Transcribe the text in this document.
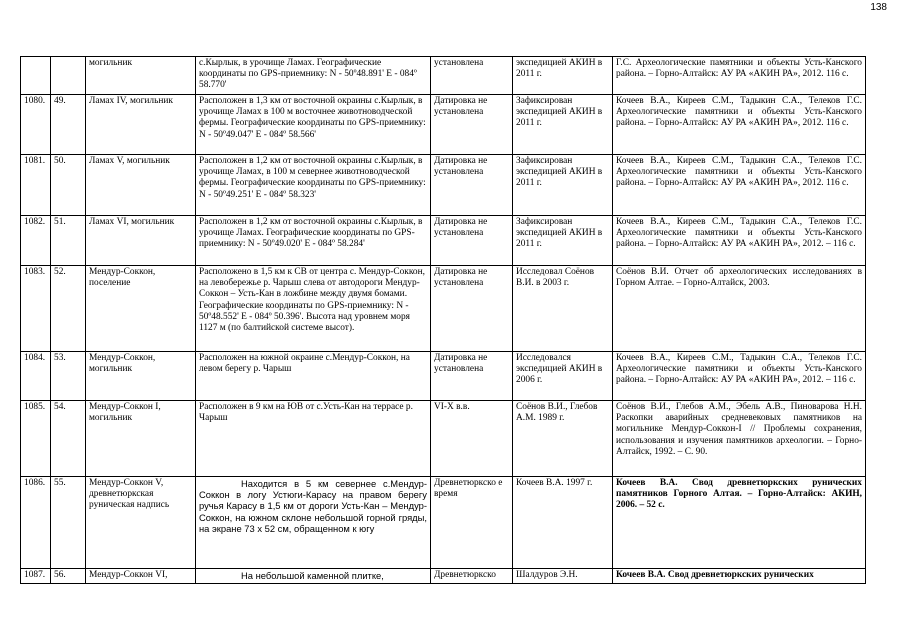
138
		могильник	с.Кырлык, в урочище Ламах. Географические координаты по GPS-приемнику: N - 50º48.891' E - 084º 58.770'	установлена	экспедицией АКИН в 2011 г.	Г.С. Археологические памятники и объекты Усть-Канского района. – Горно-Алтайск: АУ РА «АКИН РА», 2012. 116 с.
1080.	49.	Ламах IV, могильник	Расположен в 1,3 км от восточной окраины с.Кырлык, в урочище Ламах в 100 м восточнее животноводческой фермы. Географические координаты по GPS-приемнику: N - 50º49.047' E - 084º 58.566'	Датировка не установлена	Зафиксирован экспедицией АКИН в 2011 г.	Кочеев В.А., Киреев С.М., Тадыкин С.А., Телеков Г.С. Археологические памятники и объекты Усть-Канского района. – Горно-Алтайск: АУ РА «АКИН РА», 2012. 116 с.
1081.	50.	Ламах V, могильник	Расположен в 1,2 км от восточной окраины с.Кырлык, в урочище Ламах, в 100 м севернее животноводческой фермы. Географические координаты по GPS-приемнику: N - 50º49.251' E - 084º 58.323'	Датировка не установлена	Зафиксирован экспедицией АКИН в 2011 г.	Кочеев В.А., Киреев С.М., Тадыкин С.А., Телеков Г.С. Археологические памятники и объекты Усть-Канского района. – Горно-Алтайск: АУ РА «АКИН РА», 2012. 116 с.
1082.	51.	Ламах VI, могильник	Расположен в 1,2 км от восточной окраины с.Кырлык, в урочище Ламах. Географические координаты по GPS-приемнику: N - 50º49.020' E - 084º 58.284'	Датировка не установлена	Зафиксирован экспедицией АКИН в 2011 г.	Кочеев В.А., Киреев С.М., Тадыкин С.А., Телеков Г.С. Археологические памятники и объекты Усть-Канского района. – Горно-Алтайск: АУ РА «АКИН РА», 2012. – 116 с.
1083.	52.	Мендур-Соккон, поселение	Расположено в 1,5 км к СВ от центра с. Мендур-Соккон, на левобережье р. Чарыш слева от автодороги Мендур-Соккон – Усть-Кан в ложбине между двумя бомами. Географические координаты по GPS-приемнику: N - 50º48.552' E - 084º 50.396'. Высота над уровнем моря 1127 м (по балтийской системе высот).	Датировка не установлена	Исследовал Соёнов В.И. в 2003 г.	Соёнов В.И. Отчет об археологических исследованиях в Горном Алтае. – Горно-Алтайск, 2003.
1084.	53.	Мендур-Соккон, могильник	Расположен на южной окраине с.Мендур-Соккон, на левом берегу р. Чарыш	Датировка не установлена	Исследовался экспедицией АКИН в 2006 г.	Кочеев В.А., Киреев С.М., Тадыкин С.А., Телеков Г.С. Археологические памятники и объекты Усть-Канского района. – Горно-Алтайск: АУ РА «АКИН РА», 2012. – 116 с.
1085.	54.	Мендур-Соккон I, могильник	Расположен в 9 км на ЮВ от с.Усть-Кан на террасе р. Чарыш	VI-X в.в.	Соёнов В.И., Глебов А.М. 1989 г.	Соёнов В.И., Глебов А.М., Эбель А.В., Пиноварова Н.Н. Раскопки аварийных средневековых памятников на могильнике Мендур-Соккон-I // Проблемы сохранения, использования и изучения памятников археологии. – Горно-Алтайск, 1992. – С. 90.
1086.	55.	Мендур-Соккон V, древнетюркская руническая надпись	Находится в 5 км севернее с.Мендур-Соккон в логу Устюги-Карасу на правом берегу ручья Карасу в 1,5 км от дороги Усть-Кан – Мендур-Соккон, на южном склоне небольшой горной гряды, на экране 73 х 52 см, обращенном к югу	Древнетюркско е время	Кочеев В.А. 1997 г.	Кочеев В.А. Свод древнетюркских рунических памятников Горного Алтая. – Горно-Алтайск: АКИН, 2006. – 52 с.
1087.	56.	Мендур-Соккон VI,	На небольшой каменной плитке,	Древнетюркско	Шалдуров Э.Н.	Кочеев В.А. Свод древнетюркских рунических
